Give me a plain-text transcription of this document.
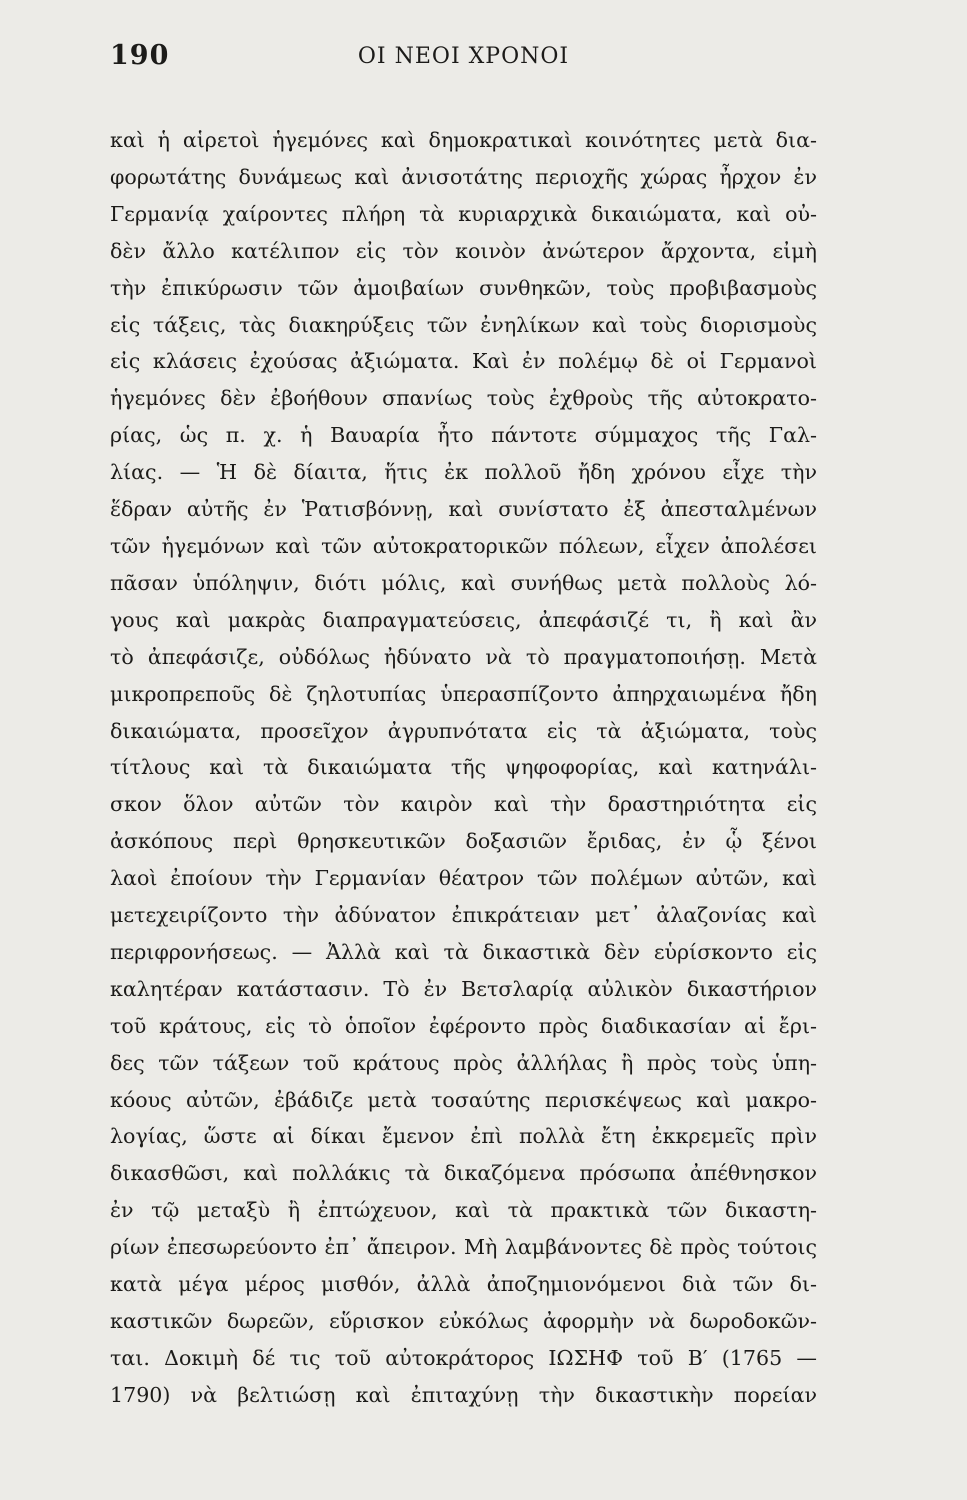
190	ΟΙ ΝΕΟΙ ΧΡΟΝΟΙ
καὶ ἡ αἱρετοὶ ἡγεμόνες καὶ δημοκρατικαὶ κοινότητες μετὰ δια-
φορωτάτης δυνάμεως καὶ ἀνισοτάτης περιοχῆς χώρας ἦρχον ἐν
Γερμανίᾳ χαίροντες πλήρη τὰ κυριαρχικὰ δικαιώματα, καὶ οὐ-
δὲν ἄλλο κατέλιπον εἰς τὸν κοινὸν ἀνώτερον ἄρχοντα, εἰμὴ
τὴν ἐπικύρωσιν τῶν ἀμοιβαίων συνθηκῶν, τοὺς προβιβασμοὺς
εἰς τάξεις, τὰς διακηρύξεις τῶν ἐνηλίκων καὶ τοὺς διορισμοὺς
εἰς κλάσεις ἐχούσας ἀξιώματα. Καὶ ἐν πολέμῳ δὲ οἱ Γερμανοὶ
ἡγεμόνες δὲν ἐβοήθουν σπανίως τοὺς ἐχθροὺς τῆς αὐτοκρατο-
ρίας, ὡς π. χ. ἡ Βαυαρία ἦτο πάντοτε σύμμαχος τῆς Γαλ-
λίας. — Ἡ δὲ δίαιτα, ἥτις ἐκ πολλοῦ ἤδη χρόνου εἶχε τὴν
ἕδραν αὐτῆς ἐν Ῥατισβόννῃ, καὶ συνίστατο ἐξ ἀπεσταλμένων
τῶν ἡγεμόνων καὶ τῶν αὐτοκρατορικῶν πόλεων, εἶχεν ἀπολέσει
πᾶσαν ὑπόληψιν, διότι μόλις, καὶ συνήθως μετὰ πολλοὺς λό-
γους καὶ μακρὰς διαπραγματεύσεις, ἀπεφάσιζέ τι, ἢ καὶ ἂν
τὸ ἀπεφάσιζε, οὐδόλως ἠδύνατο νὰ τὸ πραγματοποιήσῃ. Μετὰ
μικροπρεποῦς δὲ ζηλοτυπίας ὑπερασπίζοντο ἀπηρχαιωμένα ἤδη
δικαιώματα, προσεῖχον ἀγρυπνότατα εἰς τὰ ἀξιώματα, τοὺς
τίτλους καὶ τὰ δικαιώματα τῆς ψηφοφορίας, καὶ κατηνάλι-
σκον ὅλον αὐτῶν τὸν καιρὸν καὶ τὴν δραστηριότητα εἰς
ἀσκόπους περὶ θρησκευτικῶν δοξασιῶν ἔριδας, ἐν ᾧ ξένοι
λαοὶ ἐποίουν τὴν Γερμανίαν θέατρον τῶν πολέμων αὐτῶν, καὶ
μετεχειρίζοντο τὴν ἀδύνατον ἐπικράτειαν μετ᾽ ἀλαζονίας καὶ
περιφρονήσεως. — Ἀλλὰ καὶ τὰ δικαστικὰ δὲν εὑρίσκοντο εἰς
καλητέραν κατάστασιν. Τὸ ἐν Βετσλαρίᾳ αὐλικὸν δικαστήριον
τοῦ κράτους, εἰς τὸ ὁποῖον ἐφέροντο πρὸς διαδικασίαν αἱ ἔρι-
δες τῶν τάξεων τοῦ κράτους πρὸς ἀλλήλας ἢ πρὸς τοὺς ὑπη-
κόους αὐτῶν, ἐβάδιζε μετὰ τοσαύτης περισκέψεως καὶ μακρο-
λογίας, ὥστε αἱ δίκαι ἔμενον ἐπὶ πολλὰ ἔτη ἐκκρεμεῖς πρὶν
δικασθῶσι, καὶ πολλάκις τὰ δικαζόμενα πρόσωπα ἀπέθνησκον
ἐν τῷ μεταξὺ ἢ ἐπτώχευον, καὶ τὰ πρακτικὰ τῶν δικαστη-
ρίων ἐπεσωρεύοντο ἐπ᾽ ἄπειρον. Μὴ λαμβάνοντες δὲ πρὸς τούτοις
κατὰ μέγα μέρος μισθόν, ἀλλὰ ἀποζημιονόμενοι διὰ τῶν δι-
καστικῶν δωρεῶν, εὕρισκον εὐκόλως ἀφορμὴν νὰ δωροδοκῶν-
ται. Δοκιμὴ δέ τις τοῦ αὐτοκράτορος ΙΩΣΗΦ τοῦ Β′ (1765 —
1790) νὰ βελτιώσῃ καὶ ἐπιταχύνῃ τὴν δικαστικὴν πορείαν
